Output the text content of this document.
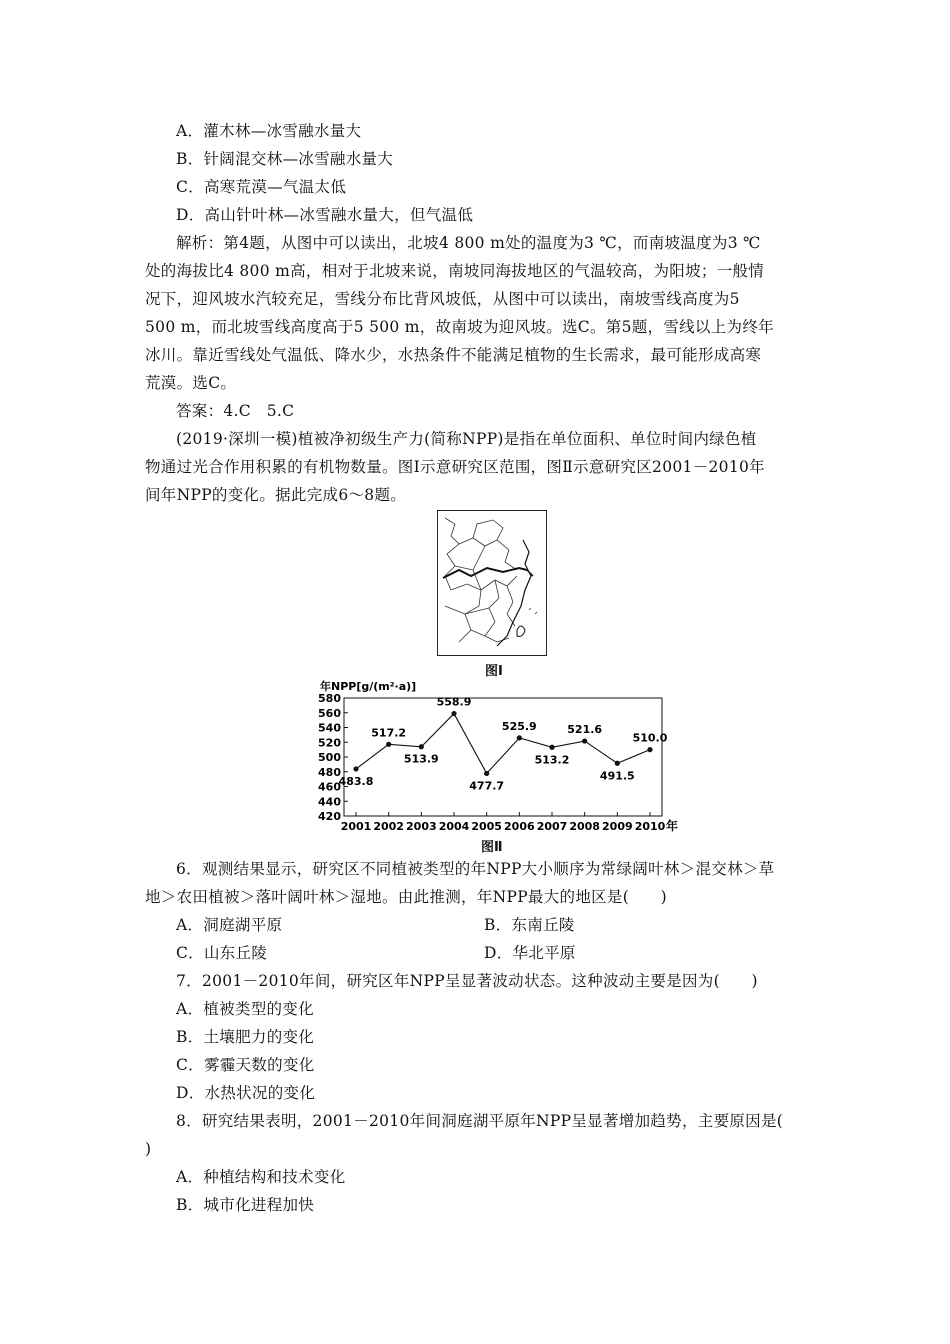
A．灌木林—冰雪融水量大
B．针阔混交林—冰雪融水量大
C．高寒荒漠—气温太低
D．高山针叶林—冰雪融水量大，但气温低
解析：第4题，从图中可以读出，北坡4 800 m处的温度为3 ℃，而南坡温度为3 ℃
处的海拔比4 800 m高，相对于北坡来说，南坡同海拔地区的气温较高，为阳坡；一般情
况下，迎风坡水汽较充足，雪线分布比背风坡低，从图中可以读出，南坡雪线高度为5
500 m，而北坡雪线高度高于5 500 m，故南坡为迎风坡。选C。第5题，雪线以上为终年
冰川。靠近雪线处气温低、降水少，水热条件不能满足植物的生长需求，最可能形成高寒
荒漠。选C。
答案：4.C　5.C
(2019·深圳一模)植被净初级生产力(简称NPP)是指在单位面积、单位时间内绿色植
物通过光合作用积累的有机物数量。图Ⅰ示意研究区范围，图Ⅱ示意研究区2001－2010年
间年NPP的变化。据此完成6～8题。
图Ⅰ
年NPP[g/(m²·a)]
420
440
460
480
500
520
540
560
580
2001 2002 2003 2004 2005 2006 2007 2008 2009 2010
483.8
517.2
513.9
558.9
477.7
525.9
513.2
521.6
491.5
510.0
年
图Ⅱ
6．观测结果显示，研究区不同植被类型的年NPP大小顺序为常绿阔叶林＞混交林＞草
地＞农田植被＞落叶阔叶林＞湿地。由此推测，年NPP最大的地区是(　　)
A．洞庭湖平原	B．东南丘陵
C．山东丘陵	D．华北平原
7．2001－2010年间，研究区年NPP呈显著波动状态。这种波动主要是因为(　　)
A．植被类型的变化
B．土壤肥力的变化
C．雾霾天数的变化
D．水热状况的变化
8．研究结果表明，2001－2010年间洞庭湖平原年NPP呈显著增加趋势，主要原因是(
)
A．种植结构和技术变化
B．城市化进程加快
